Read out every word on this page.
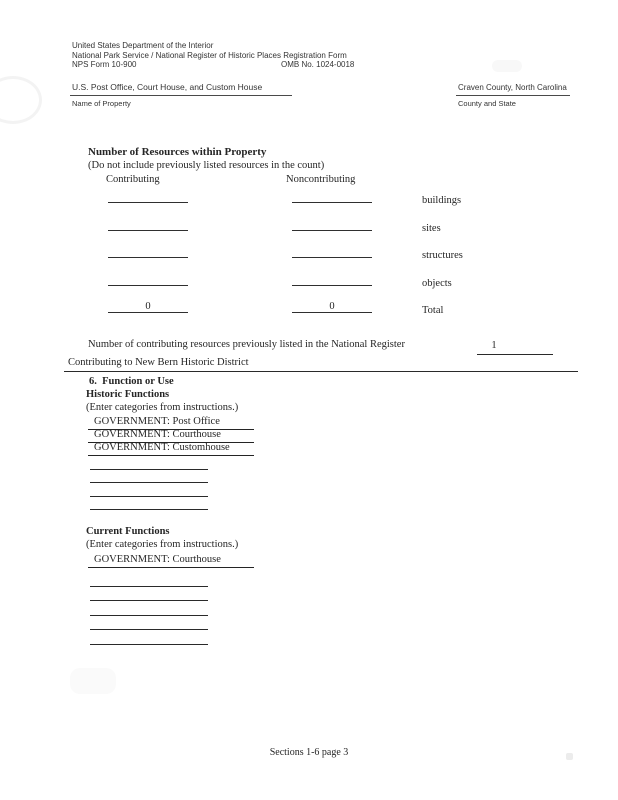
United States Department of the Interior
National Park Service / National Register of Historic Places Registration Form
NPS Form 10-900	OMB No. 1024-0018
U.S. Post Office, Court House, and Custom House
Name of Property
Craven County, North Carolina
County and State
Number of Resources within Property
(Do not include previously listed resources in the count)
Contributing	Noncontributing
buildings
sites
structures
objects
0	0	Total
Number of contributing resources previously listed in the National Register	1
Contributing to New Bern Historic District
6.  Function or Use
Historic Functions
(Enter categories from instructions.)
GOVERNMENT: Post Office
GOVERNMENT: Courthouse
GOVERNMENT: Customhouse
Current Functions
(Enter categories from instructions.)
GOVERNMENT: Courthouse
Sections 1-6 page 3
